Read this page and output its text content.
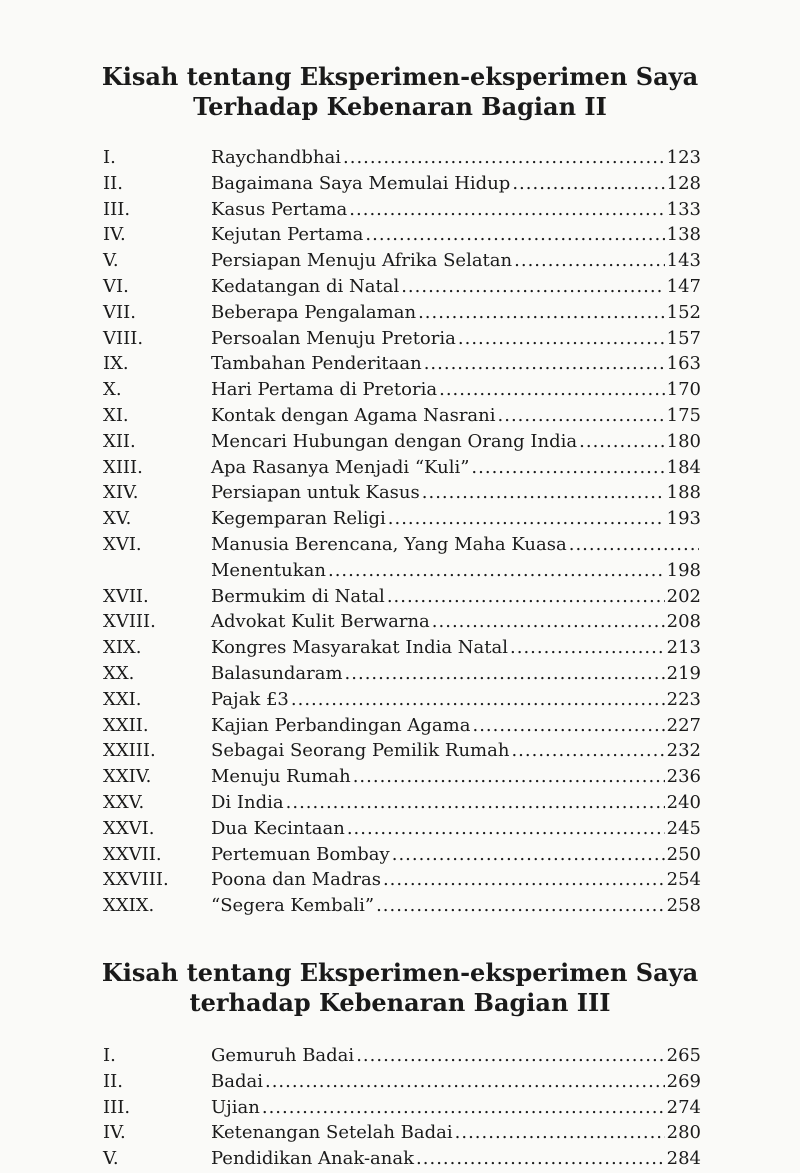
Kisah tentang Eksperimen-eksperimen Saya
Terhadap Kebenaran Bagian II
I.	Raychandbhai .....	123
II.	Bagaimana Saya Memulai Hidup .....	128
III.	Kasus Pertama .....	133
IV.	Kejutan Pertama .....	138
V.	Persiapan Menuju Afrika Selatan .....	143
VI.	Kedatangan di Natal .....	147
VII.	Beberapa Pengalaman .....	152
VIII.	Persoalan Menuju Pretoria .....	157
IX.	Tambahan Penderitaan .....	163
X.	Hari Pertama di Pretoria .....	170
XI.	Kontak dengan Agama Nasrani .....	175
XII.	Mencari Hubungan dengan Orang India .....	180
XIII.	Apa Rasanya Menjadi “Kuli” .....	184
XIV.	Persiapan untuk Kasus .....	188
XV.	Kegemparan Religi .....	193
XVI.	Manusia Berencana, Yang Maha Kuasa
.....
Menentukan .....	198
XVII.	Bermukim di Natal .....	202
XVIII.	Advokat Kulit Berwarna .....	208
XIX.	Kongres Masyarakat India Natal .....	213
XX.	Balasundaram .....	219
XXI.	Pajak £3 .....	223
XXII.	Kajian Perbandingan Agama .....	227
XXIII.	Sebagai Seorang Pemilik Rumah .....	232
XXIV.	Menuju Rumah .....	236
XXV.	Di India .....	240
XXVI.	Dua Kecintaan .....	245
XXVII.	Pertemuan Bombay .....	250
XXVIII.	Poona dan Madras .....	254
XXIX.	“Segera Kembali” .....	258
Kisah tentang Eksperimen-eksperimen Saya
terhadap Kebenaran Bagian III
I.	Gemuruh Badai .....	265
II.	Badai .....	269
III.	Ujian .....	274
IV.	Ketenangan Setelah Badai .....	280
V.	Pendidikan Anak-anak .....	284
